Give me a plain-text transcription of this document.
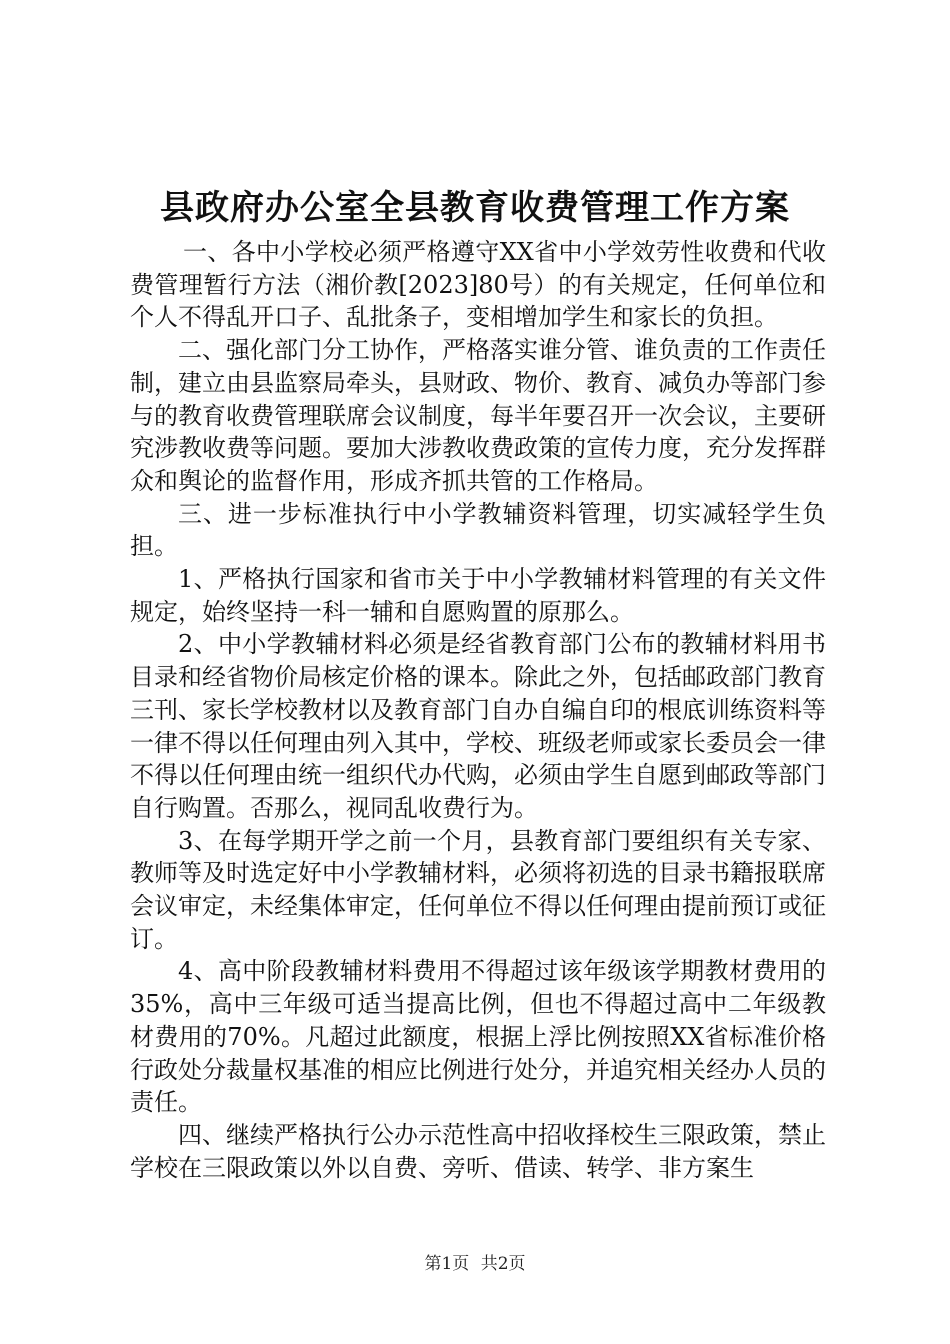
县政府办公室全县教育收费管理工作方案

一、各中小学校必须严格遵守XX省中小学效劳性收费和代收费管理暂行方法（湘价教[2023]80号）的有关规定，任何单位和个人不得乱开口子、乱批条子，变相增加学生和家长的负担。

二、强化部门分工协作，严格落实谁分管、谁负责的工作责任制，建立由县监察局牵头，县财政、物价、教育、减负办等部门参与的教育收费管理联席会议制度，每半年要召开一次会议，主要研究涉教收费等问题。要加大涉教收费政策的宣传力度，充分发挥群众和舆论的监督作用，形成齐抓共管的工作格局。

三、进一步标准执行中小学教辅资料管理，切实减轻学生负担。

1、严格执行国家和省市关于中小学教辅材料管理的有关文件规定，始终坚持一科一辅和自愿购置的原那么。

2、中小学教辅材料必须是经省教育部门公布的教辅材料用书目录和经省物价局核定价格的课本。除此之外，包括邮政部门教育三刊、家长学校教材以及教育部门自办自编自印的根底训练资料等一律不得以任何理由列入其中，学校、班级老师或家长委员会一律不得以任何理由统一组织代办代购，必须由学生自愿到邮政等部门自行购置。否那么，视同乱收费行为。

3、在每学期开学之前一个月，县教育部门要组织有关专家、教师等及时选定好中小学教辅材料，必须将初选的目录书籍报联席会议审定，未经集体审定，任何单位不得以任何理由提前预订或征订。

4、高中阶段教辅材料费用不得超过该年级该学期教材费用的35%，高中三年级可适当提高比例，但也不得超过高中二年级教材费用的70%。凡超过此额度，根据上浮比例按照XX省标准价格行政处分裁量权基准的相应比例进行处分，并追究相关经办人员的责任。

四、继续严格执行公办示范性高中招收择校生三限政策，禁止学校在三限政策以外以自费、旁听、借读、转学、非方案生

第1页 共2页
